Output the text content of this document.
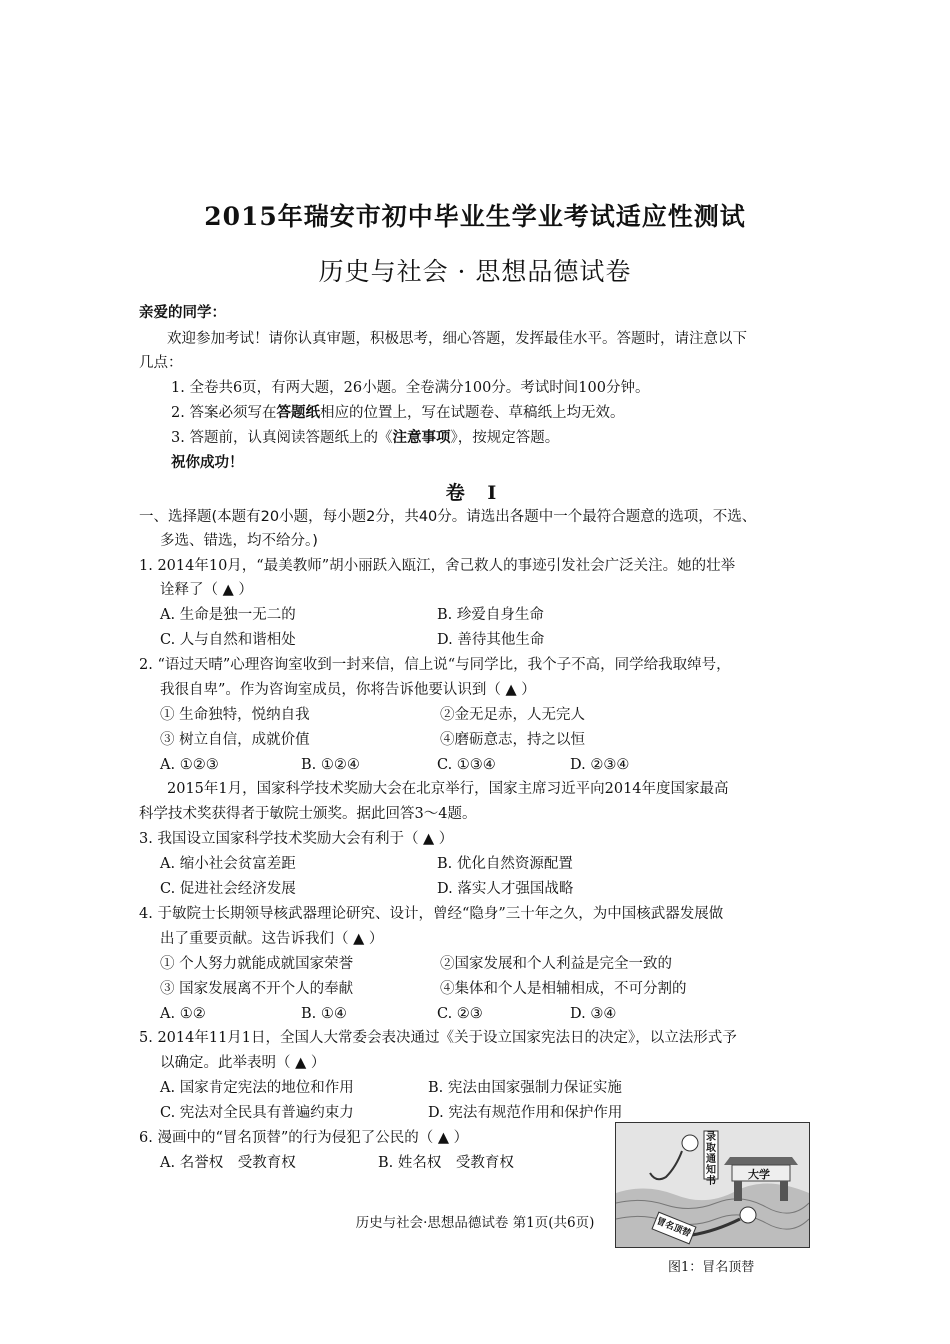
2015年瑞安市初中毕业生学业考试适应性测试
历史与社会 · 思想品德试卷
亲爱的同学：
欢迎参加考试！请你认真审题，积极思考，细心答题，发挥最佳水平。答题时，请注意以下
几点：
1. 全卷共6页，有两大题，26小题。全卷满分100分。考试时间100分钟。
2. 答案必须写在答题纸相应的位置上，写在试题卷、草稿纸上均无效。
3. 答题前，认真阅读答题纸上的《注意事项》，按规定答题。
祝你成功！
卷 Ⅰ
一、选择题(本题有20小题，每小题2分，共40分。请选出各题中一个最符合题意的选项，不选、
多选、错选，均不给分。)
1. 2014年10月，“最美教师”胡小丽跃入瓯江，舍己救人的事迹引发社会广泛关注。她的壮举
诠释了（ ▲ ）
A. 生命是独一无二的	B. 珍爱自身生命
C. 人与自然和谐相处	D. 善待其他生命
2. “语过天晴”心理咨询室收到一封来信，信上说“与同学比，我个子不高，同学给我取绰号，
我很自卑”。作为咨询室成员，你将告诉他要认识到（ ▲ ）
① 生命独特，悦纳自我	②金无足赤，人无完人
③ 树立自信，成就价值	④磨砺意志，持之以恒
A. ①②③	B. ①②④	C. ①③④	D. ②③④
2015年1月，国家科学技术奖励大会在北京举行，国家主席习近平向2014年度国家最高
科学技术奖获得者于敏院士颁奖。据此回答3～4题。
3. 我国设立国家科学技术奖励大会有利于（ ▲ ）
A. 缩小社会贫富差距	B. 优化自然资源配置
C. 促进社会经济发展	D. 落实人才强国战略
4. 于敏院士长期领导核武器理论研究、设计，曾经“隐身”三十年之久，为中国核武器发展做
出了重要贡献。这告诉我们（ ▲ ）
① 个人努力就能成就国家荣誉	②国家发展和个人利益是完全一致的
③ 国家发展离不开个人的奉献	④集体和个人是相辅相成，不可分割的
A. ①②	B. ①④	C. ②③	D. ③④
5. 2014年11月1日，全国人大常委会表决通过《关于设立国家宪法日的决定》，以立法形式予
以确定。此举表明（ ▲ ）
A. 国家肯定宪法的地位和作用	B. 宪法由国家强制力保证实施
C. 宪法对全民具有普遍约束力	D. 宪法有规范作用和保护作用
6. 漫画中的“冒名顶替”的行为侵犯了公民的（ ▲ ）
A. 名誉权　受教育权	B. 姓名权　受教育权
录取通知书
大学
冒名顶替
图1：冒名顶替
历史与社会·思想品德试卷 第1页(共6页)
